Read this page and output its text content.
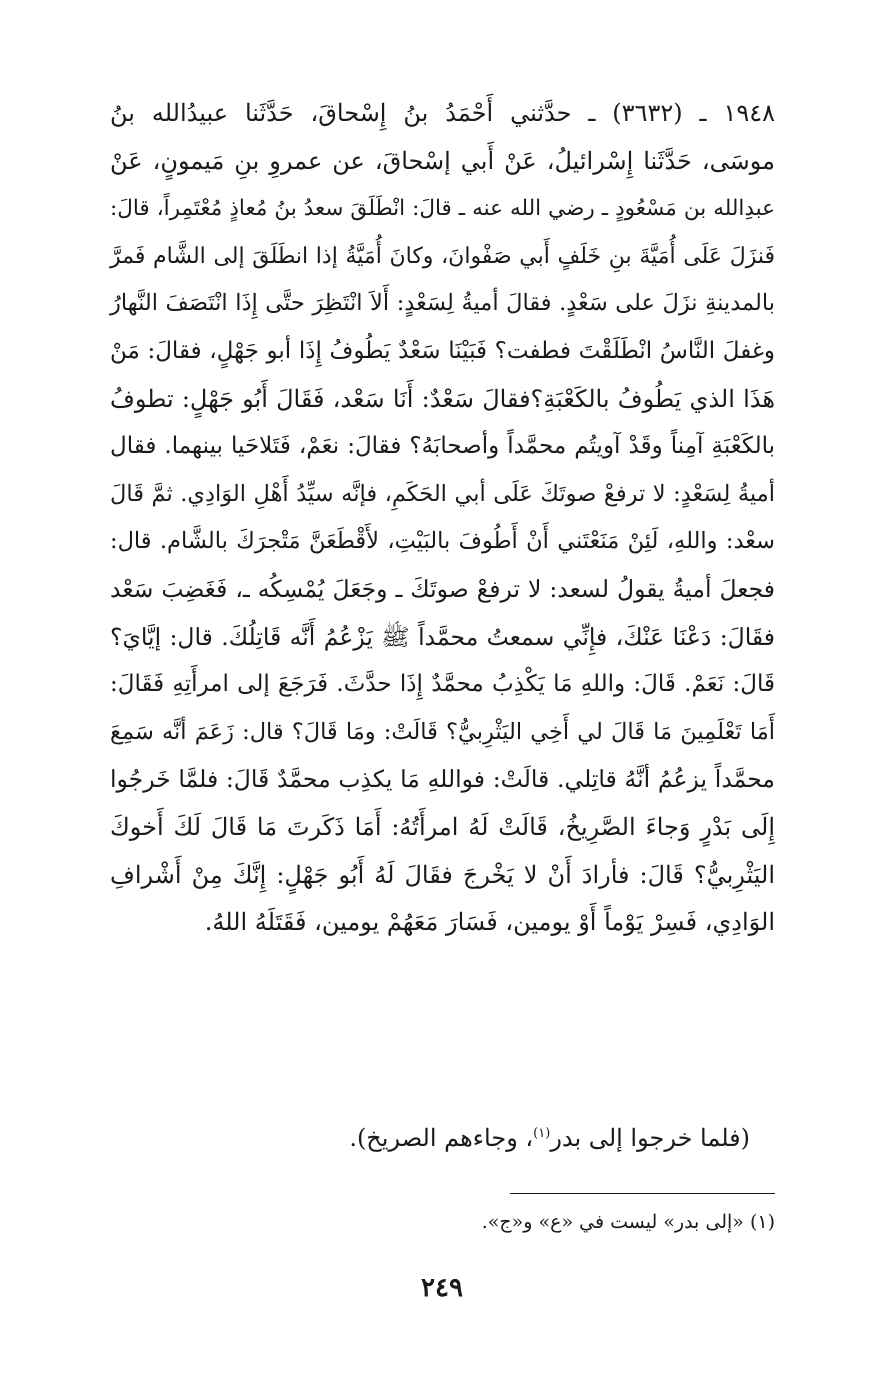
١٩٤٨ ـ (٣٦٣٢) ـ حدَّثني أَحْمَدُ بنُ إِسْحاقَ، حَدَّثَنا عبيدُالله بنُ
موسَى، حَدَّثَنا إِسْرائيلُ، عَنْ أَبي إسْحاقَ، عن عمروِ بنِ مَيمونٍ، عَنْ
عبدِالله بن مَسْعُودٍ ـ رضي الله عنه ـ قالَ: انْطَلَقَ سعدُ بنُ مُعاذٍ مُعْتَمِراً، قالَ:
فَنزَلَ عَلَى أُمَيَّةَ بنِ خَلَفٍ أَبي صَفْوانَ، وكانَ أُمَيَّةُ إذا انطَلَقَ إلى الشَّام فَمرَّ
بالمدينةِ نزَلَ على سَعْدٍ. فقالَ أميةُ لِسَعْدٍ: أَلاَ انْتَظِرَ حتَّى إِذَا انْتَصَفَ النَّهارُ
وغفلَ النَّاسُ انْطَلَقْتَ فطفت؟ فَبَيْنَا سَعْدٌ يَطُوفُ إِذَا أبو جَهْلٍ، فقالَ: مَنْ
هَذَا الذي يَطُوفُ بالكَعْبَةِ؟فقالَ سَعْدٌ: أَنَا سَعْد، فَقَالَ أَبُو جَهْلٍ: تطوفُ
بالكَعْبَةِ آمِناً وقَدْ آويتُم محمَّداً وأصحابَهُ؟ فقالَ: نعَمْ، فَتَلاحَيا بينهما. فقال
أميةُ لِسَعْدٍ: لا ترفعْ صوتَكَ عَلَى أبي الحَكَمِ، فإنَّه سيِّدُ أَهْلِ الوَادِي. ثمَّ قَالَ
سعْد: واللهِ، لَئِنْ مَنَعْتَني أَنْ أَطُوفَ بالبَيْتِ، لأَقْطَعَنَّ مَتْجرَكَ بالشَّام. قال:
فجعلَ أميةُ يقولُ لسعد: لا ترفعْ صوتَكَ ـ وجَعَلَ يُمْسِكُه ـ، فَغَضِبَ سَعْد
فقَالَ: دَعْنَا عَنْكَ، فإِنِّي سمعتُ محمَّداً ﷺ يَزْعُمُ أَنَّه قَاتِلُكَ. قال: إيَّايَ؟
قَالَ: نَعَمْ. قَالَ: واللهِ مَا يَكْذِبُ محمَّدٌ إِذَا حدَّثَ. فَرَجَعَ إلى امرأَتِهِ فَقَالَ:
أَمَا تَعْلَمِينَ مَا قَالَ لي أَخِي اليَثْرِبيُّ؟ قَالَتْ: ومَا قَالَ؟ قال: زَعَمَ أنَّه سَمِعَ
محمَّداً يزعُمُ أنَّهُ قاتِلي. قالَتْ: فواللهِ مَا يكذِب محمَّدٌ قَالَ: فلمَّا خَرجُوا
إِلَى بَدْرٍ وَجاءَ الصَّرِيخُ، قَالَتْ لَهُ امرأَتُهُ: أَمَا ذَكَرتَ مَا قَالَ لَكَ أَخوكَ
اليَثْرِبيُّ؟ قَالَ: فأرادَ أَنْ لا يَخْرجَ فقَالَ لَهُ أَبُو جَهْلٍ: إِنَّكَ مِنْ أَشْرافِ
الوَادِي، فَسِرْ يَوْماً أَوْ يومين، فَسَارَ مَعَهُمْ يومين، فَقَتَلَهُ اللهُ.
(فلما خرجوا إلى بدر$^{(١)}$، وجاءهم الصريخ).
(١) «إلى بدر» ليست في «ع» و«ج».
٢٤٩
